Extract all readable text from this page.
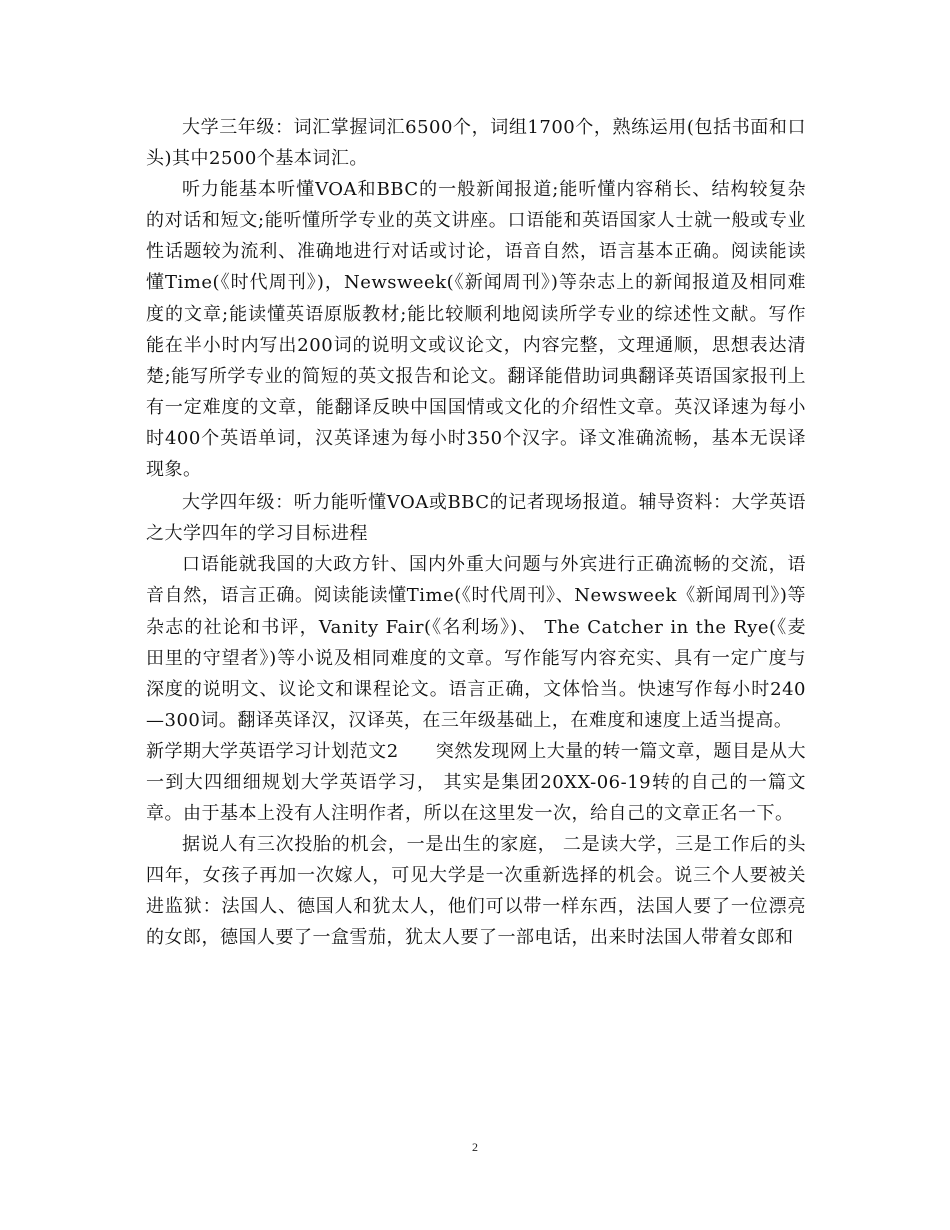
大学三年级：词汇掌握词汇6500个，词组1700个，熟练运用(包括书面和口头)其中2500个基本词汇。

听力能基本听懂VOA和BBC的一般新闻报道;能听懂内容稍长、结构较复杂的对话和短文;能听懂所学专业的英文讲座。口语能和英语国家人士就一般或专业性话题较为流利、准确地进行对话或讨论，语音自然，语言基本正确。阅读能读懂Time(《时代周刊》)，Newsweek(《新闻周刊》)等杂志上的新闻报道及相同难度的文章;能读懂英语原版教材;能比较顺利地阅读所学专业的综述性文献。写作能在半小时内写出200词的说明文或议论文，内容完整，文理通顺，思想表达清楚;能写所学专业的简短的英文报告和论文。翻译能借助词典翻译英语国家报刊上有一定难度的文章，能翻译反映中国国情或文化的介绍性文章。英汉译速为每小时400个英语单词，汉英译速为每小时350个汉字。译文准确流畅，基本无误译现象。

大学四年级：听力能听懂VOA或BBC的记者现场报道。辅导资料：大学英语之大学四年的学习目标进程

口语能就我国的大政方针、国内外重大问题与外宾进行正确流畅的交流，语音自然，语言正确。阅读能读懂Time(《时代周刊》、Newsweek《新闻周刊》)等杂志的社论和书评，Vanity Fair(《名利场》)、 The Catcher in the Rye(《麦田里的守望者》)等小说及相同难度的文章。写作能写内容充实、具有一定广度与深度的说明文、议论文和课程论文。语言正确，文体恰当。快速写作每小时240—300词。翻译英译汉，汉译英，在三年级基础上，在难度和速度上适当提高。

新学期大学英语学习计划范文2　　突然发现网上大量的转一篇文章，题目是从大一到大四细细规划大学英语学习， 其实是集团20XX-06-19转的自己的一篇文章。由于基本上没有人注明作者，所以在这里发一次，给自己的文章正名一下。

据说人有三次投胎的机会，一是出生的家庭， 二是读大学，三是工作后的头四年，女孩子再加一次嫁人，可见大学是一次重新选择的机会。说三个人要被关进监狱：法国人、德国人和犹太人，他们可以带一样东西，法国人要了一位漂亮的女郎，德国人要了一盒雪茄，犹太人要了一部电话，出来时法国人带着女郎和

2
